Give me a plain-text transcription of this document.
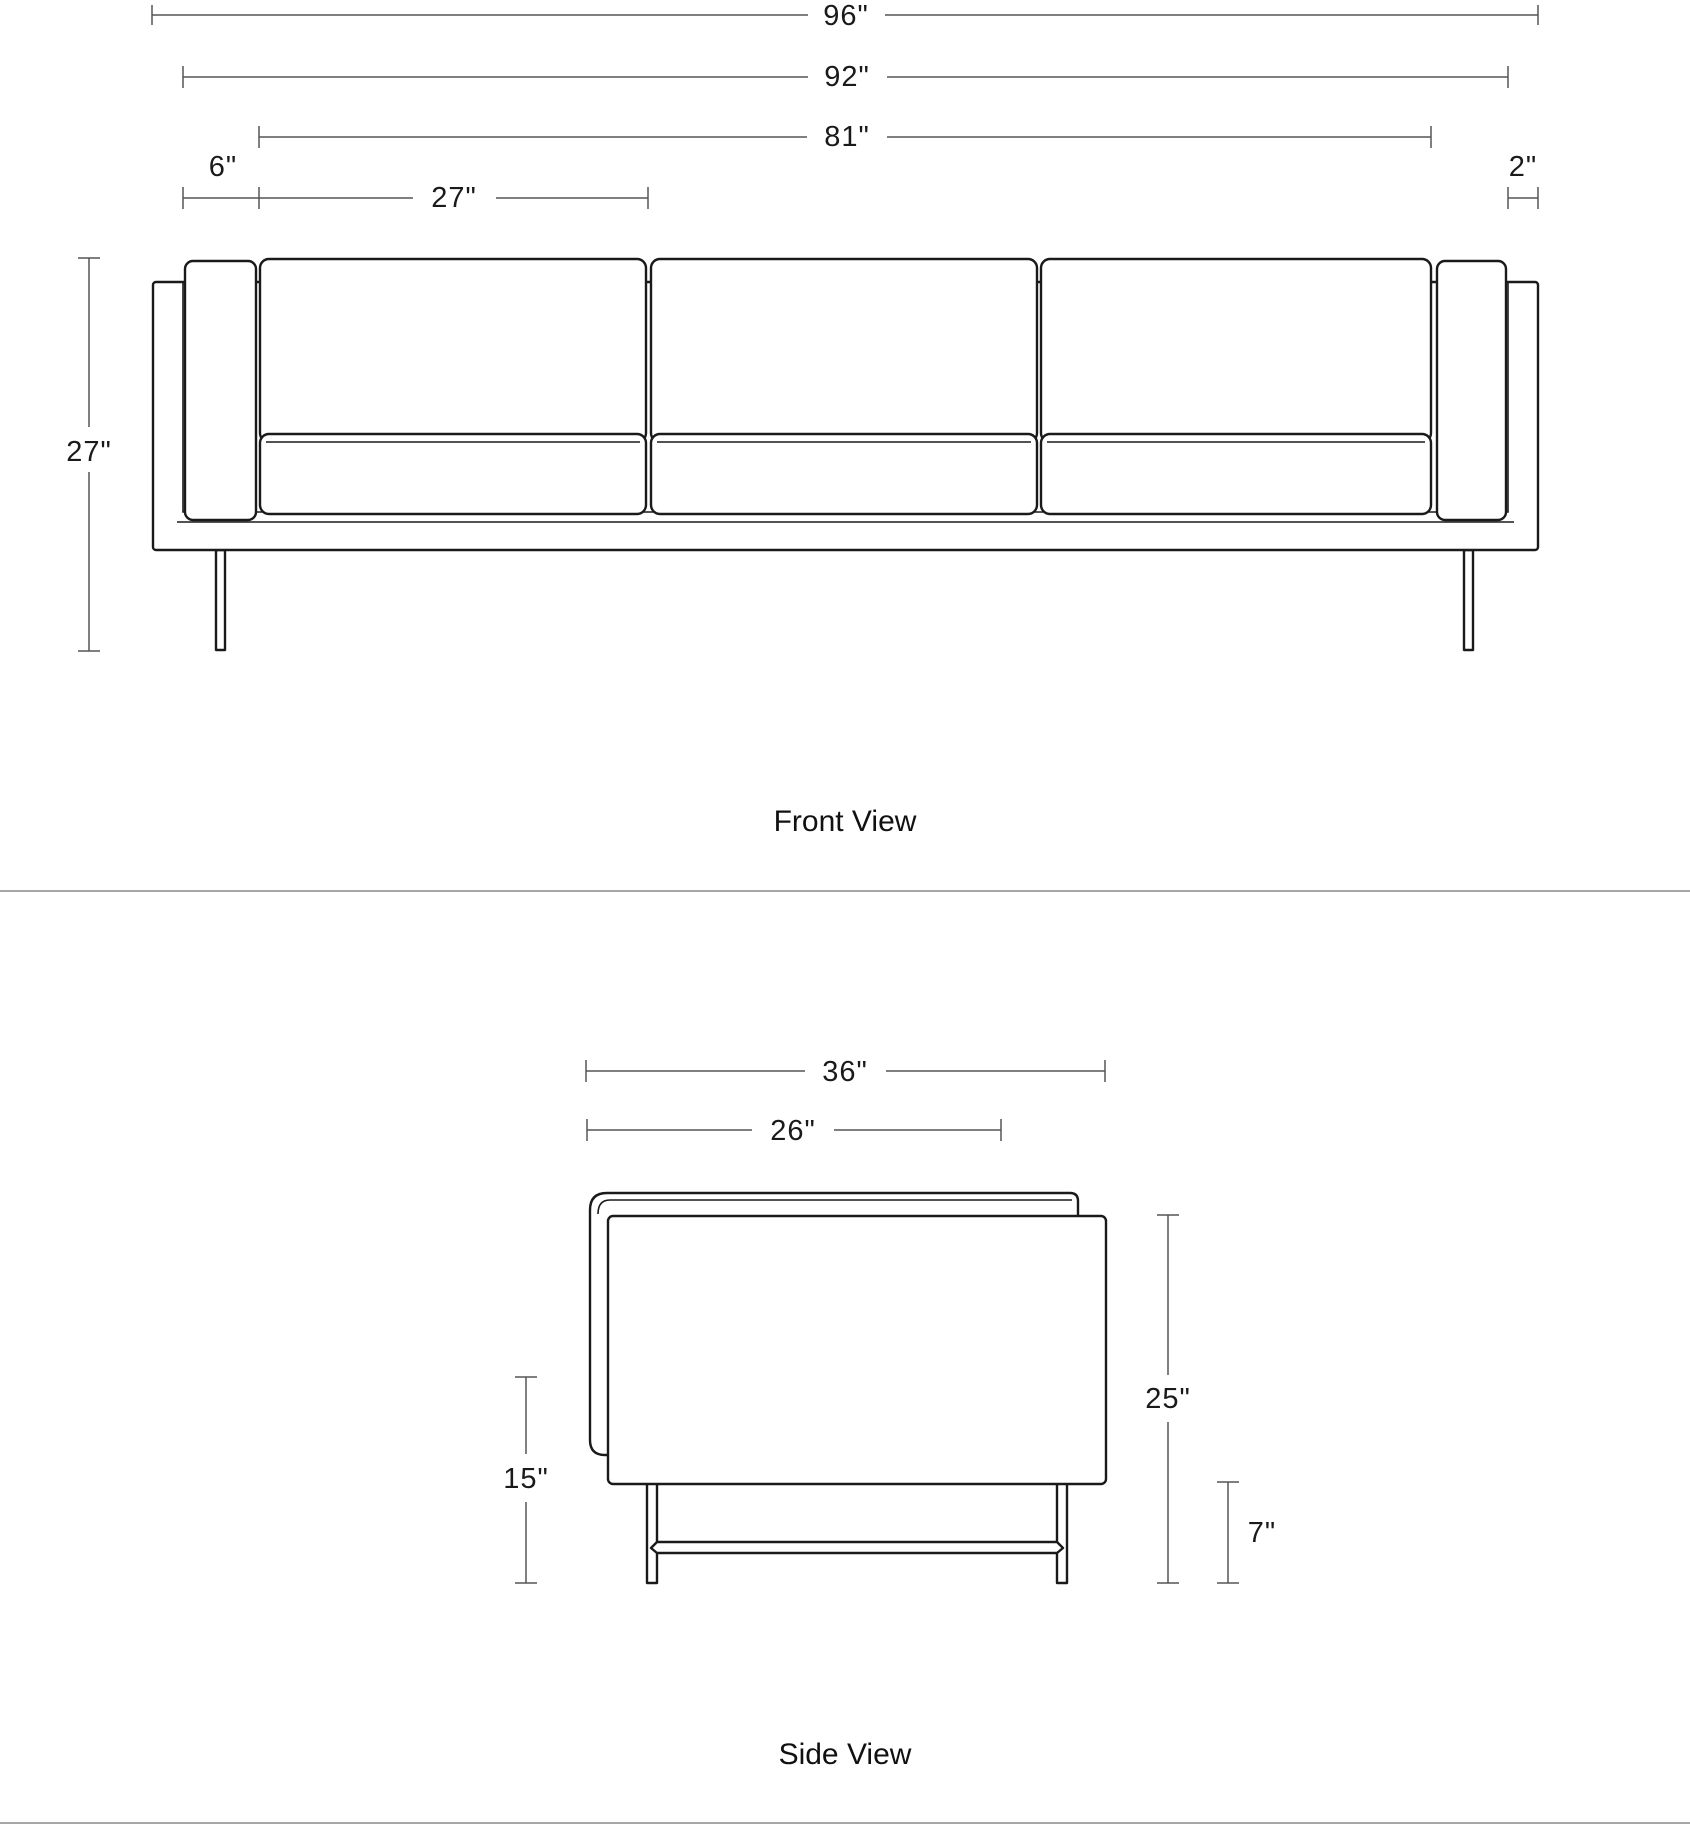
96"
92"
81"
6"
27"
2"
27"
Front View
36"
26"
15"
25"
7"
Side View
